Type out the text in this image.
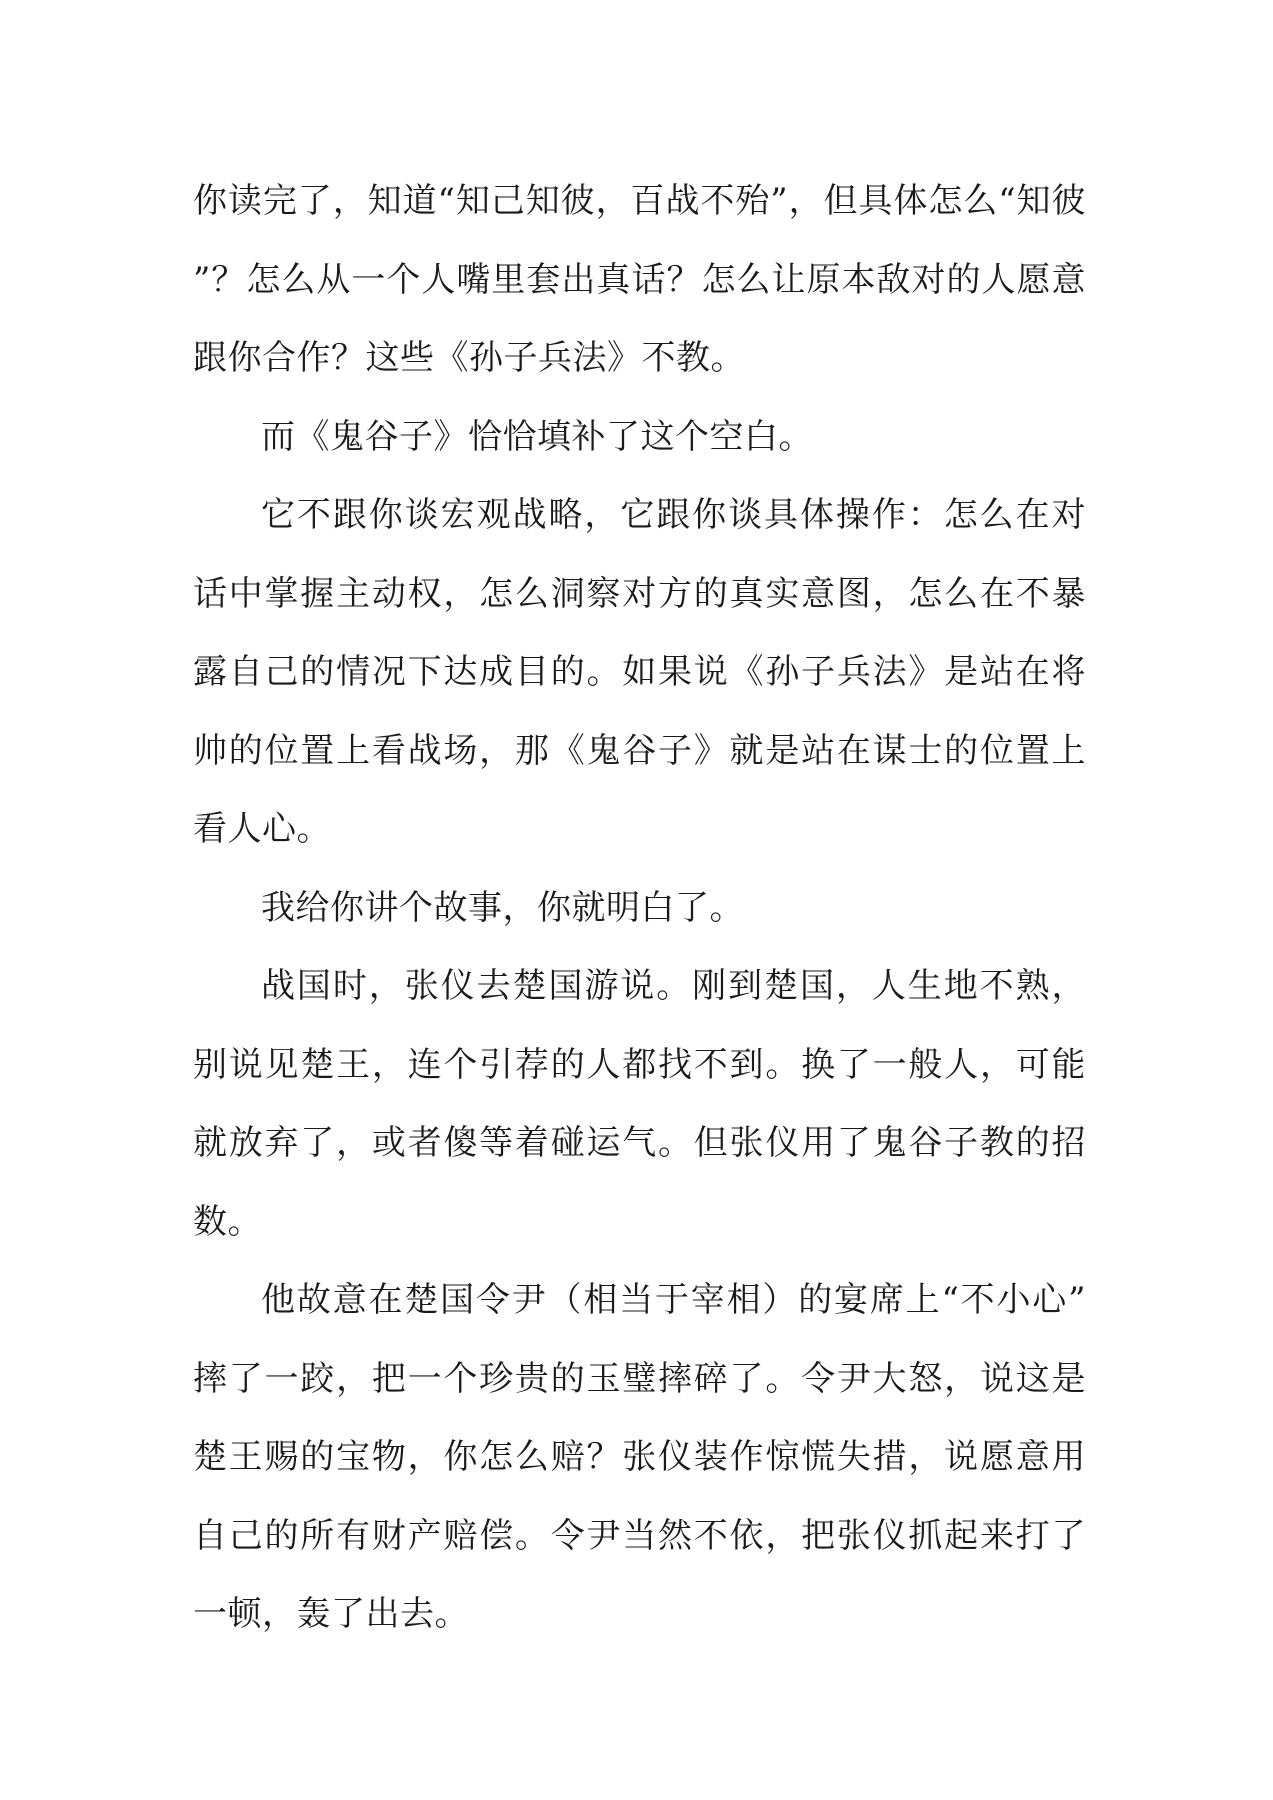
你读完了，知道“知己知彼，百战不殆”，但具体怎么“知彼”？怎么从一个人嘴里套出真话？怎么让原本敌对的人愿意跟你合作？这些《孙子兵法》不教。

而《鬼谷子》恰恰填补了这个空白。

它不跟你谈宏观战略，它跟你谈具体操作：怎么在对话中掌握主动权，怎么洞察对方的真实意图，怎么在不暴露自己的情况下达成目的。如果说《孙子兵法》是站在将帅的位置上看战场，那《鬼谷子》就是站在谋士的位置上看人心。

我给你讲个故事，你就明白了。

战国时，张仪去楚国游说。刚到楚国，人生地不熟，别说见楚王，连个引荐的人都找不到。换了一般人，可能就放弃了，或者傻等着碰运气。但张仪用了鬼谷子教的招数。

他故意在楚国令尹（相当于宰相）的宴席上“不小心”摔了一跤，把一个珍贵的玉璧摔碎了。令尹大怒，说这是楚王赐的宝物，你怎么赔？张仪装作惊慌失措，说愿意用自己的所有财产赔偿。令尹当然不依，把张仪抓起来打了一顿，轰了出去。
